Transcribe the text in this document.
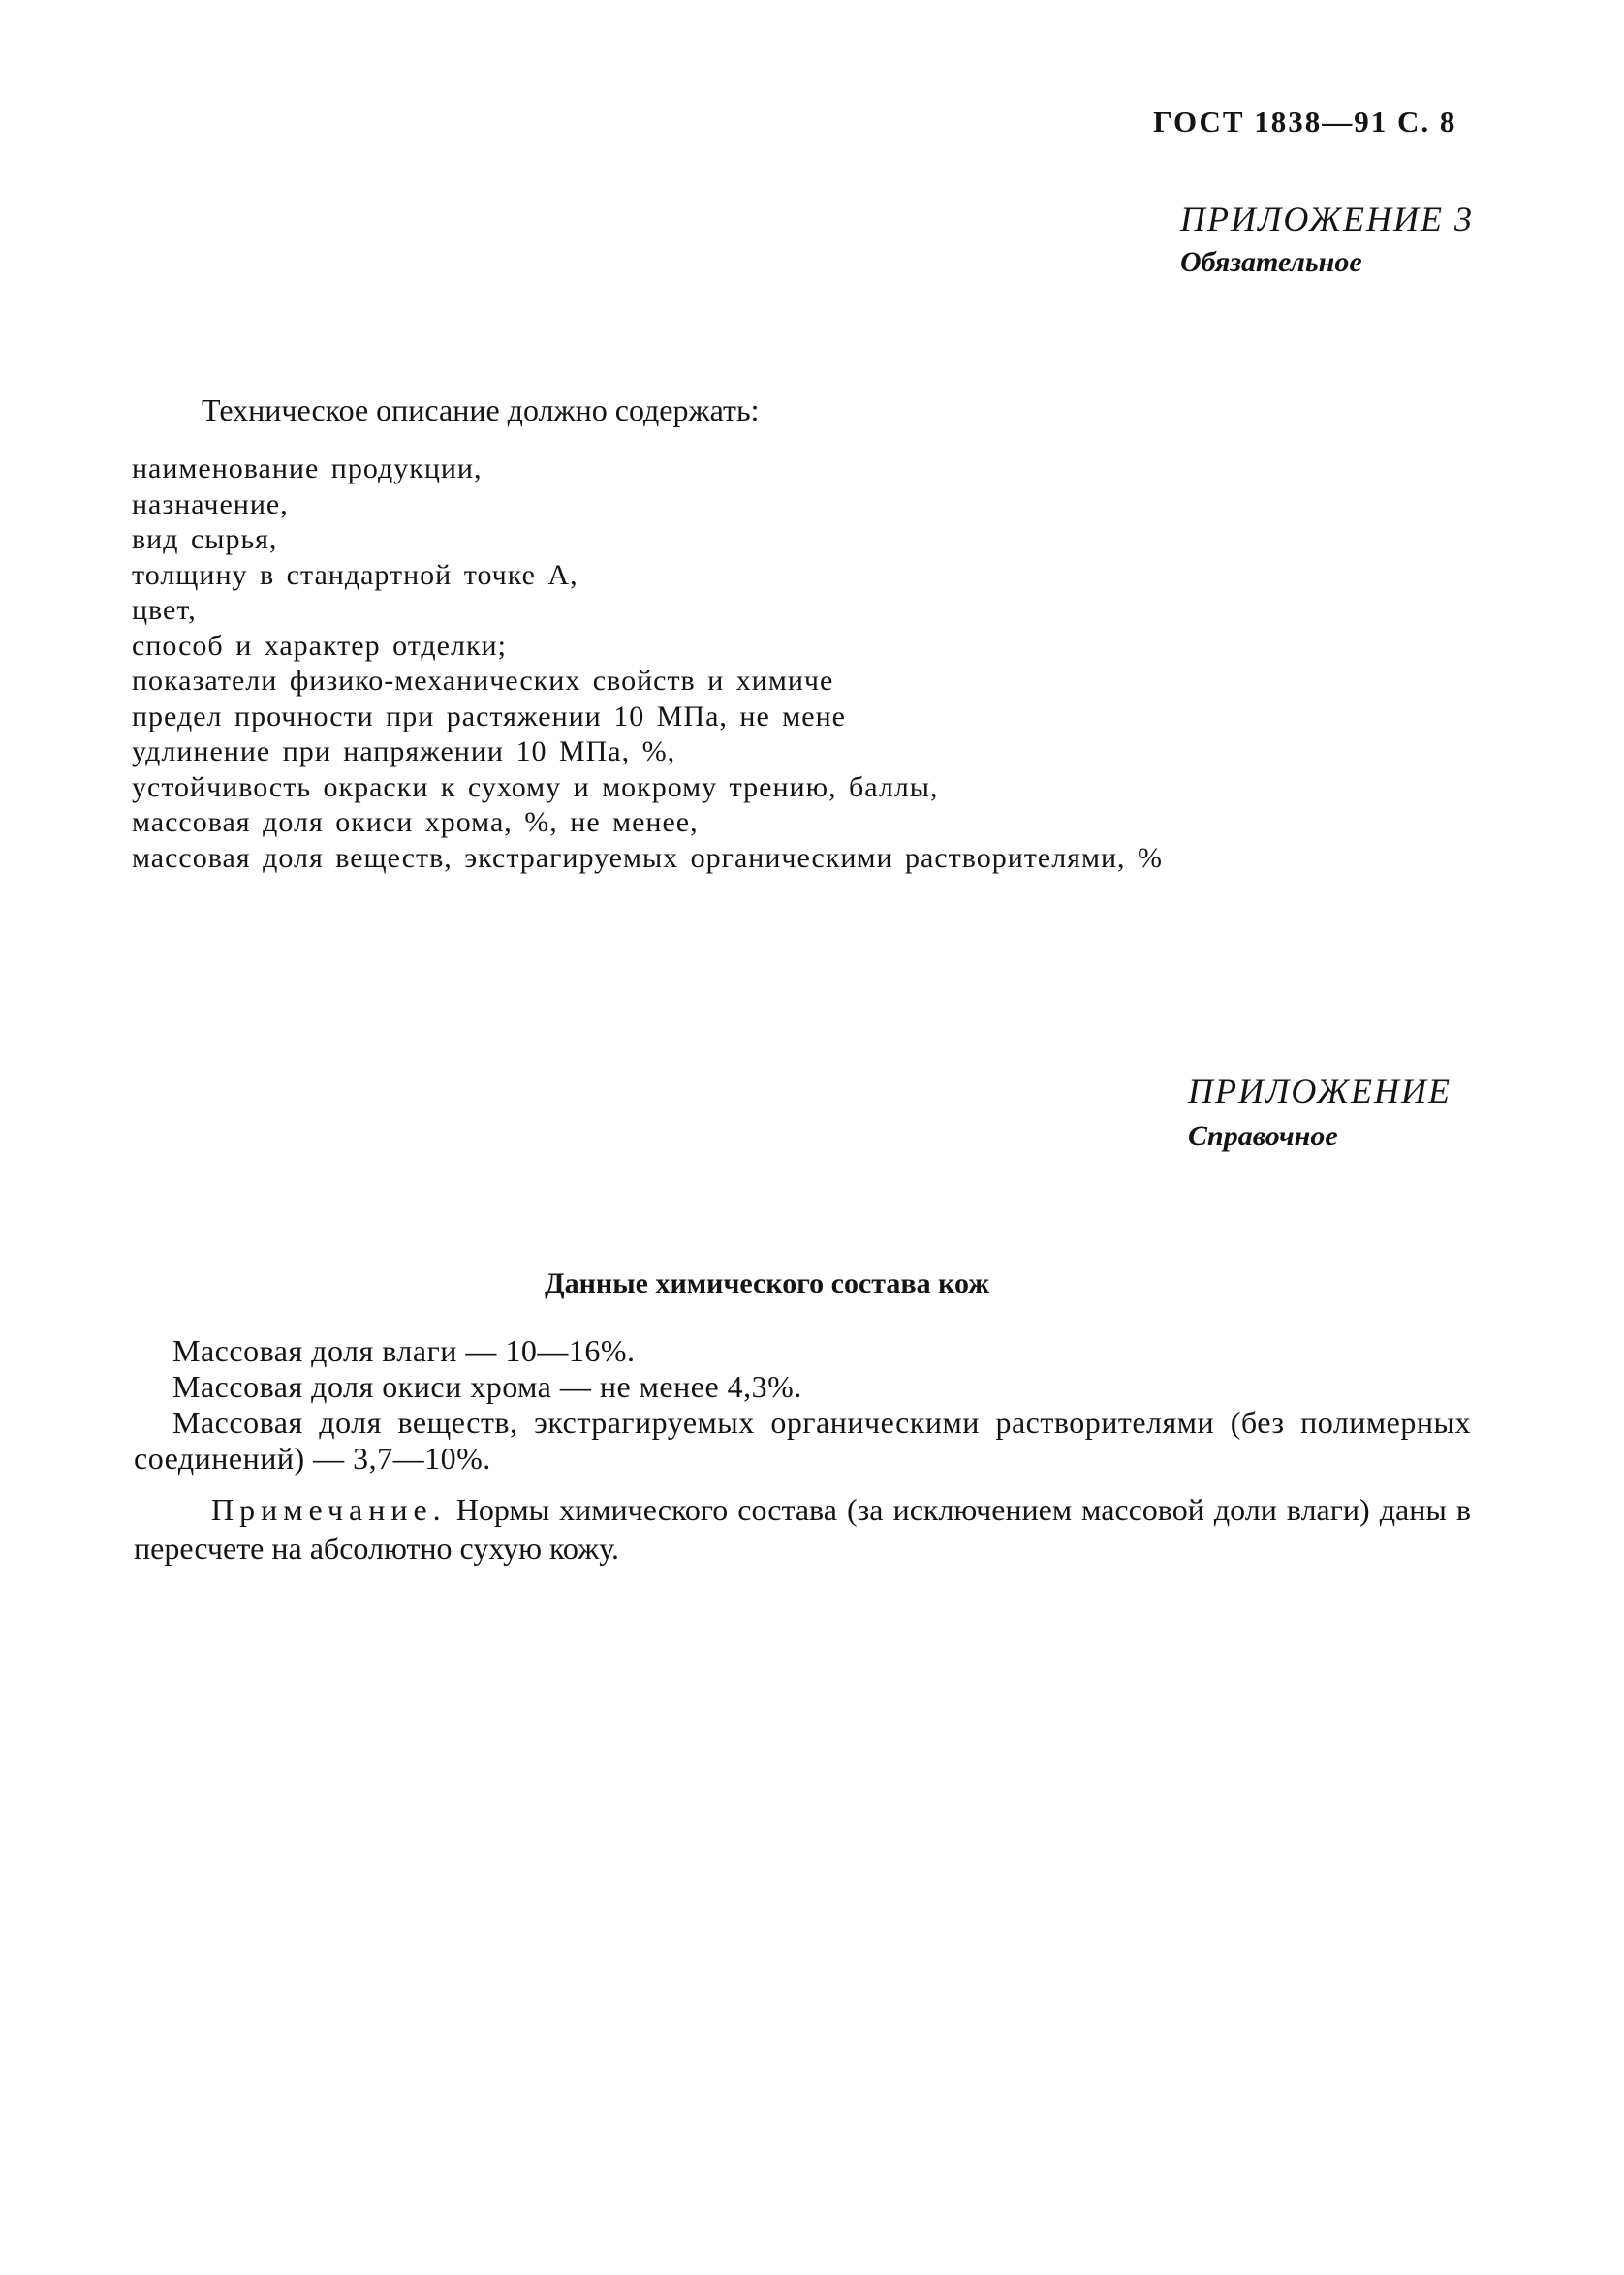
ГОСТ 1838—91 С. 8
ПРИЛОЖЕНИЕ 3
Обязательное
Техническое описание должно содержать:
наименование продукции,
назначение,
вид сырья,
толщину в стандартной точке А,
цвет,
способ и характер отделки;
показатели физико-механических свойств и химиче
предел прочности при растяжении 10 МПа, не мене
удлинение при напряжении 10 МПа, %,
устойчивость окраски к сухому и мокрому трению, баллы,
массовая доля окиси хрома, %, не менее,
массовая доля веществ, экстрагируемых органическими растворителями, %
ПРИЛОЖЕНИЕ
Справочное
Данные химического состава кож

Массовая доля влаги — 10—16%.

Массовая доля окиси хрома — не менее 4,3%.

Массовая доля веществ, экстрагируемых органическими растворителями (без полимерных соединений) — 3,7—10%.

Примечание. Нормы химического состава (за исключением массовой доли влаги) даны в пересчете на абсолютно сухую кожу.
